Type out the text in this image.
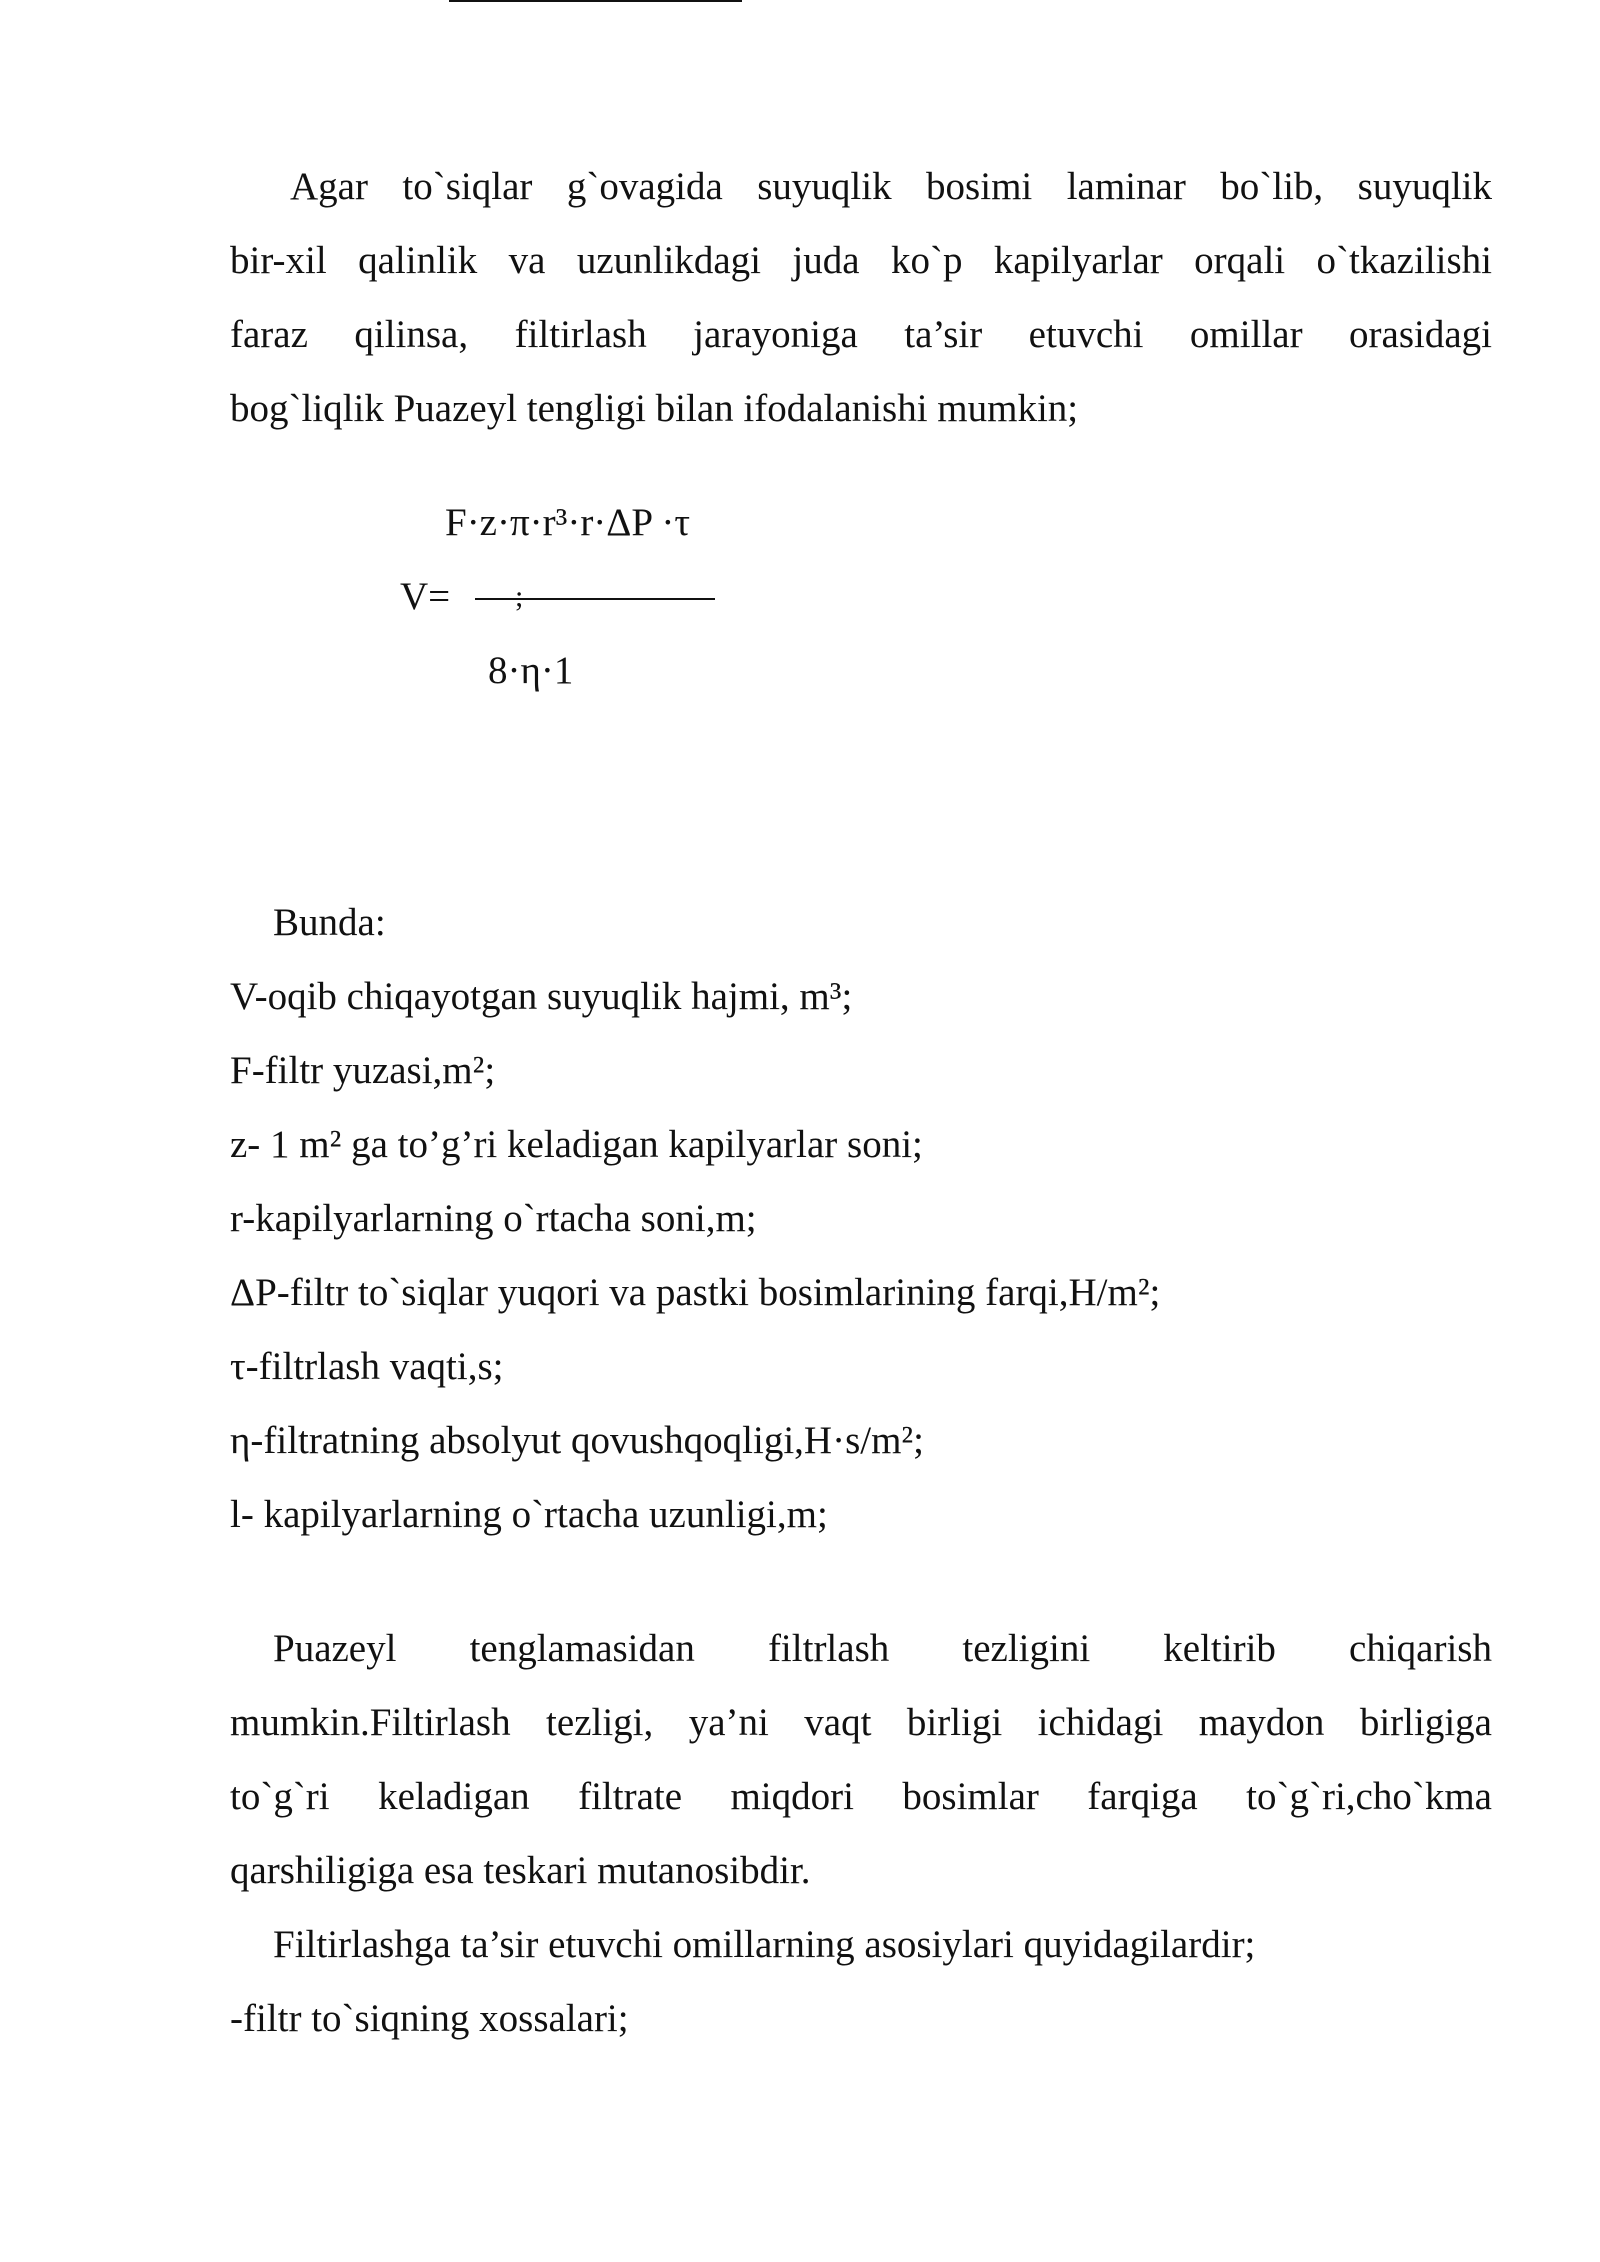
Agar to`siqlar g`ovagida suyuqlik bosimi laminar bo`lib, suyuqlik
bir-xil qalinlik va uzunlikdagi juda ko`p kapilyarlar orqali o`tkazilishi
faraz qilinsa, filtirlash jarayoniga ta’sir etuvchi omillar orasidagi
bog`liqlik Puazeyl tengligi bilan ifodalanishi mumkin;
F·z·π·r³·r·ΔP ·τ
V= ;
8·η·1
Bunda:
V-oqib chiqayotgan suyuqlik hajmi, m³;
F-filtr yuzasi,m²;
z- 1 m² ga to’g’ri keladigan kapilyarlar soni;
r-kapilyarlarning o`rtacha soni,m;
ΔP-filtr to`siqlar yuqori va pastki bosimlarining farqi,H/m²;
τ-filtrlash vaqti,s;
η-filtratning absolyut qovushqoqligi,H·s/m²;
l- kapilyarlarning o`rtacha uzunligi,m;
Puazeyl tenglamasidan filtrlash tezligini keltirib chiqarish
mumkin.Filtirlash tezligi, ya’ni vaqt birligi ichidagi maydon birligiga
to`g`ri keladigan filtrate miqdori bosimlar farqiga to`g`ri,cho`kma
qarshiligiga esa teskari mutanosibdir.
Filtirlashga ta’sir etuvchi omillarning asosiylari quyidagilardir;
-filtr to`siqning xossalari;
